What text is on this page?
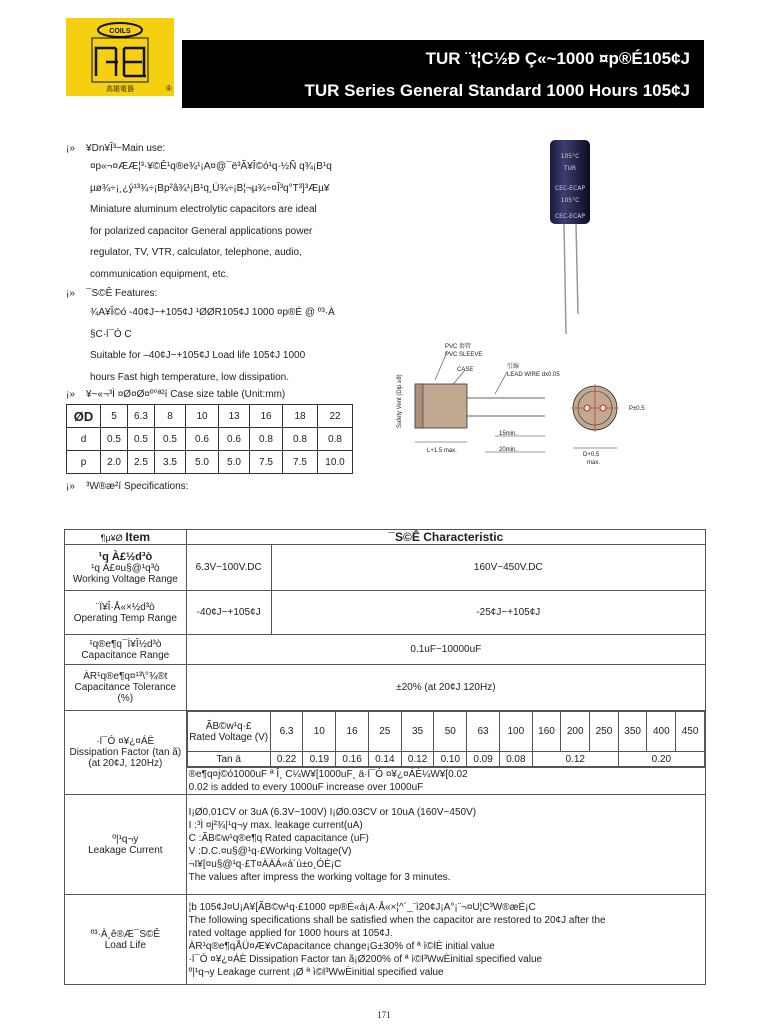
COILS
高雄電器	®
TUR ¨t¦C½Ð Ç«~1000 ¤p®É105¢J
TUR Series General Standard 1000 Hours 105¢J
¡» ¥Dn¥Î³~Main use:
¤p«¬¤ÆÆ¦³·¥©Ê¹q®e¾¹¡A¤@¯ë³Ã¥Î©ó¹q·½Ñ q¾¡B¹q
µø¾÷¡¸¿ý¹³¾÷¡Bp²â¾¹¡B¹q¸Ü¾÷¡B¦¬µ¾÷¤Î³q°T³]³Æµ¥
Miniature aluminum electrolytic capacitors are ideal
for polarized capacitor General applications power
regulator, TV, VTR, calculator, telephone, audio,
communication equipment, etc.
105°C
TUR
CEC-ECAP
105°C
CEC-ECAP
¡» ¯S©Ê Features:
¾A¥Î©ó -40¢J~+105¢J ¹ØØR105¢J 1000 ¤p®É @ º³·À
§C·l¯Ó C
Suitable for –40¢J~+105¢J Load life 105¢J 1000
hours Fast high temperature, low dissipation.
¡» ¥~«¬³Ì ¤Ø¤Ø¤º°ª²í Case size table (Unit:mm)
ØD	5	6.3	8	10	13	16	18	22
d	0.5	0.5	0.5	0.6	0.6	0.8	0.8	0.8
p	2.0	2.5	3.5	5.0	5.0	7.5	7.5	10.0
PVC 套管
PVC SLEEVE
CASE	引線
LEAD WIRE dx0.05
Safety Vent (Dip ≥8)
L+1.5 max.
15min.
20min.
P±0.5
D+0.5
max.
¡» ³W®æ²í Specifications:
¶µ¥Ø Item	¯S©Ê Characteristic

¹q À£½d³ò
¹q À£¤u§@¹q³ò
Working Voltage Range
	6.3V~100V.DC	160V~450V.DC

¨Ï¥Î·Å«×½d³ò
Operating Temp Range	-40¢J~+105¢J	-25¢J~+105¢J

¹q®e¶q¯Ì¥Î½d³ò
Capacitance Range	0.1uF~10000uF

ÀR¹q®e¶q¤¹³\°¾®t
Capacitance Tolerance (%)
	±20% (at 20¢J 120Hz)

·l¯Ó ¤¥¿¤ÁÈ
Dissipation Factor (tan ã)
(at 20¢J, 120Hz)

ÃB©w¹q·£
Rated Voltage (V)	6.3	10	16	25	35	50	63	100	160	200	250	350	400	450
Tan ä	0.22	0.19	0.16	0.14	0.12	0.10	0.09	0.08	0.12	0.20

®e¶q¤j©ó1000uF ª Î¸ C¼W¥[1000uF¸ ä·l¯Ó ¤¥¿¤ÁÈ¼W¥[0.02
0.02 is added to every 1000uF increase over 1000uF

º|¹q¬y
Leakage Current

I¡Ø0.01CV or 3uA (6.3V~100V) I¡Ø0.03CV or 10uA (160V~450V)
I :³Ì ¤j²¾|¹q¬y max. leakage current(uA)
C :ÃB©w¹q®e¶q Rated capacitance (uF)
V :D.C.¤u§@¹q·£Working Voltage(V)
¬I¥[¤u§@¹q·£T¤ÀÄÁ«á´ú±o¸ÓÈ¡C
The values after impress the working voltage for 3 minutes.

º³·À¸ê®Æ¯S©Ê
Load Life

¦b 105¢J¤U¡A¥[ÃB©w¹q·£1000 ¤p®É«á¡A·Å«×¦^´_¨ì20¢J¡A°¡¨¬¤U¦C³W®æÈ¡C
The following specifications shall be satisfied when the capacitor are restored to 20¢J after the
rated voltage applied for 1000 hours at 105¢J.
ÀR¹q®e¶qÅÜ¤Æ¥vCapacitance change¡G±30% of ª ì©lÈ initial value
·l¯Ó ¤¥¿¤ÁÈ Dissipation Factor tan ã¡Ø200% of ª ì©l³WwÈinitial specified value
º|¹q¬y Leakage current ¡Ø ª ì©l³WwÈinitial specified value
171
